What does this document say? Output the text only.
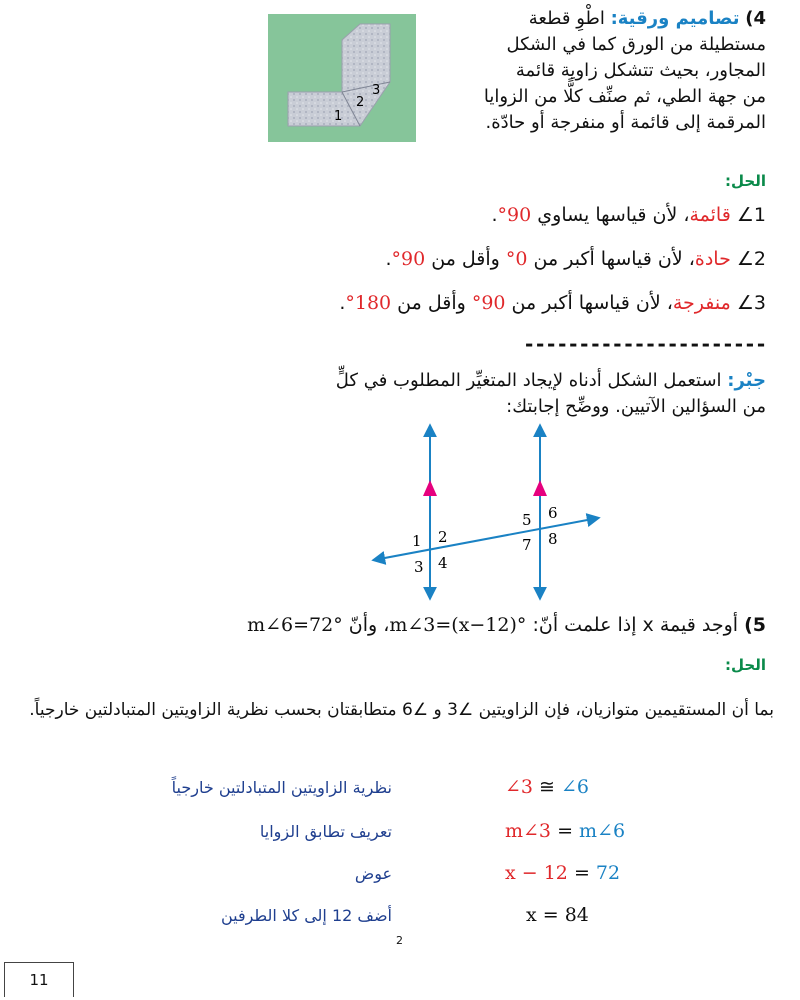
4) تصاميم ورقية: اطْوِ قطعة
مستطيلة من الورق كما في الشكل
المجاور، بحيث تتشكل زاوية قائمة
من جهة الطي، ثم صنِّف كلًّا من الزوايا
المرقمة إلى قائمة أو منفرجة أو حادّة.
1
2
3
الحل:
1∠ قائمة، لأن قياسها يساوي 90°.
2∠ حادة، لأن قياسها أكبر من 0° وأقل من 90°.
3∠ منفرجة، لأن قياسها أكبر من 90° وأقل من 180°.
----------------------
جبْر: استعمل الشكل أدناه لإيجاد المتغيِّر المطلوب في كلٍّ
من السؤالين الآتيين. ووضِّح إجابتك:
1 2
3 4
5 6
7 8
5) أوجد قيمة x إذا علمت أنّ: m∠3=(x−12)°، وأنّ m∠6=72°
الحل:
بما أن المستقيمين متوازيان، فإن الزاويتين ∠3 و ∠6 متطابقتان بحسب نظرية الزاويتين المتبادلتين خارجياً.
نظرية الزاويتين المتبادلتين خارجياً	∠3 ≅ ∠6
تعريف تطابق الزوايا	m∠3 = m∠6
عوض	x − 12 = 72
أضف 12 إلى كلا الطرفين	x = 84
2
11
